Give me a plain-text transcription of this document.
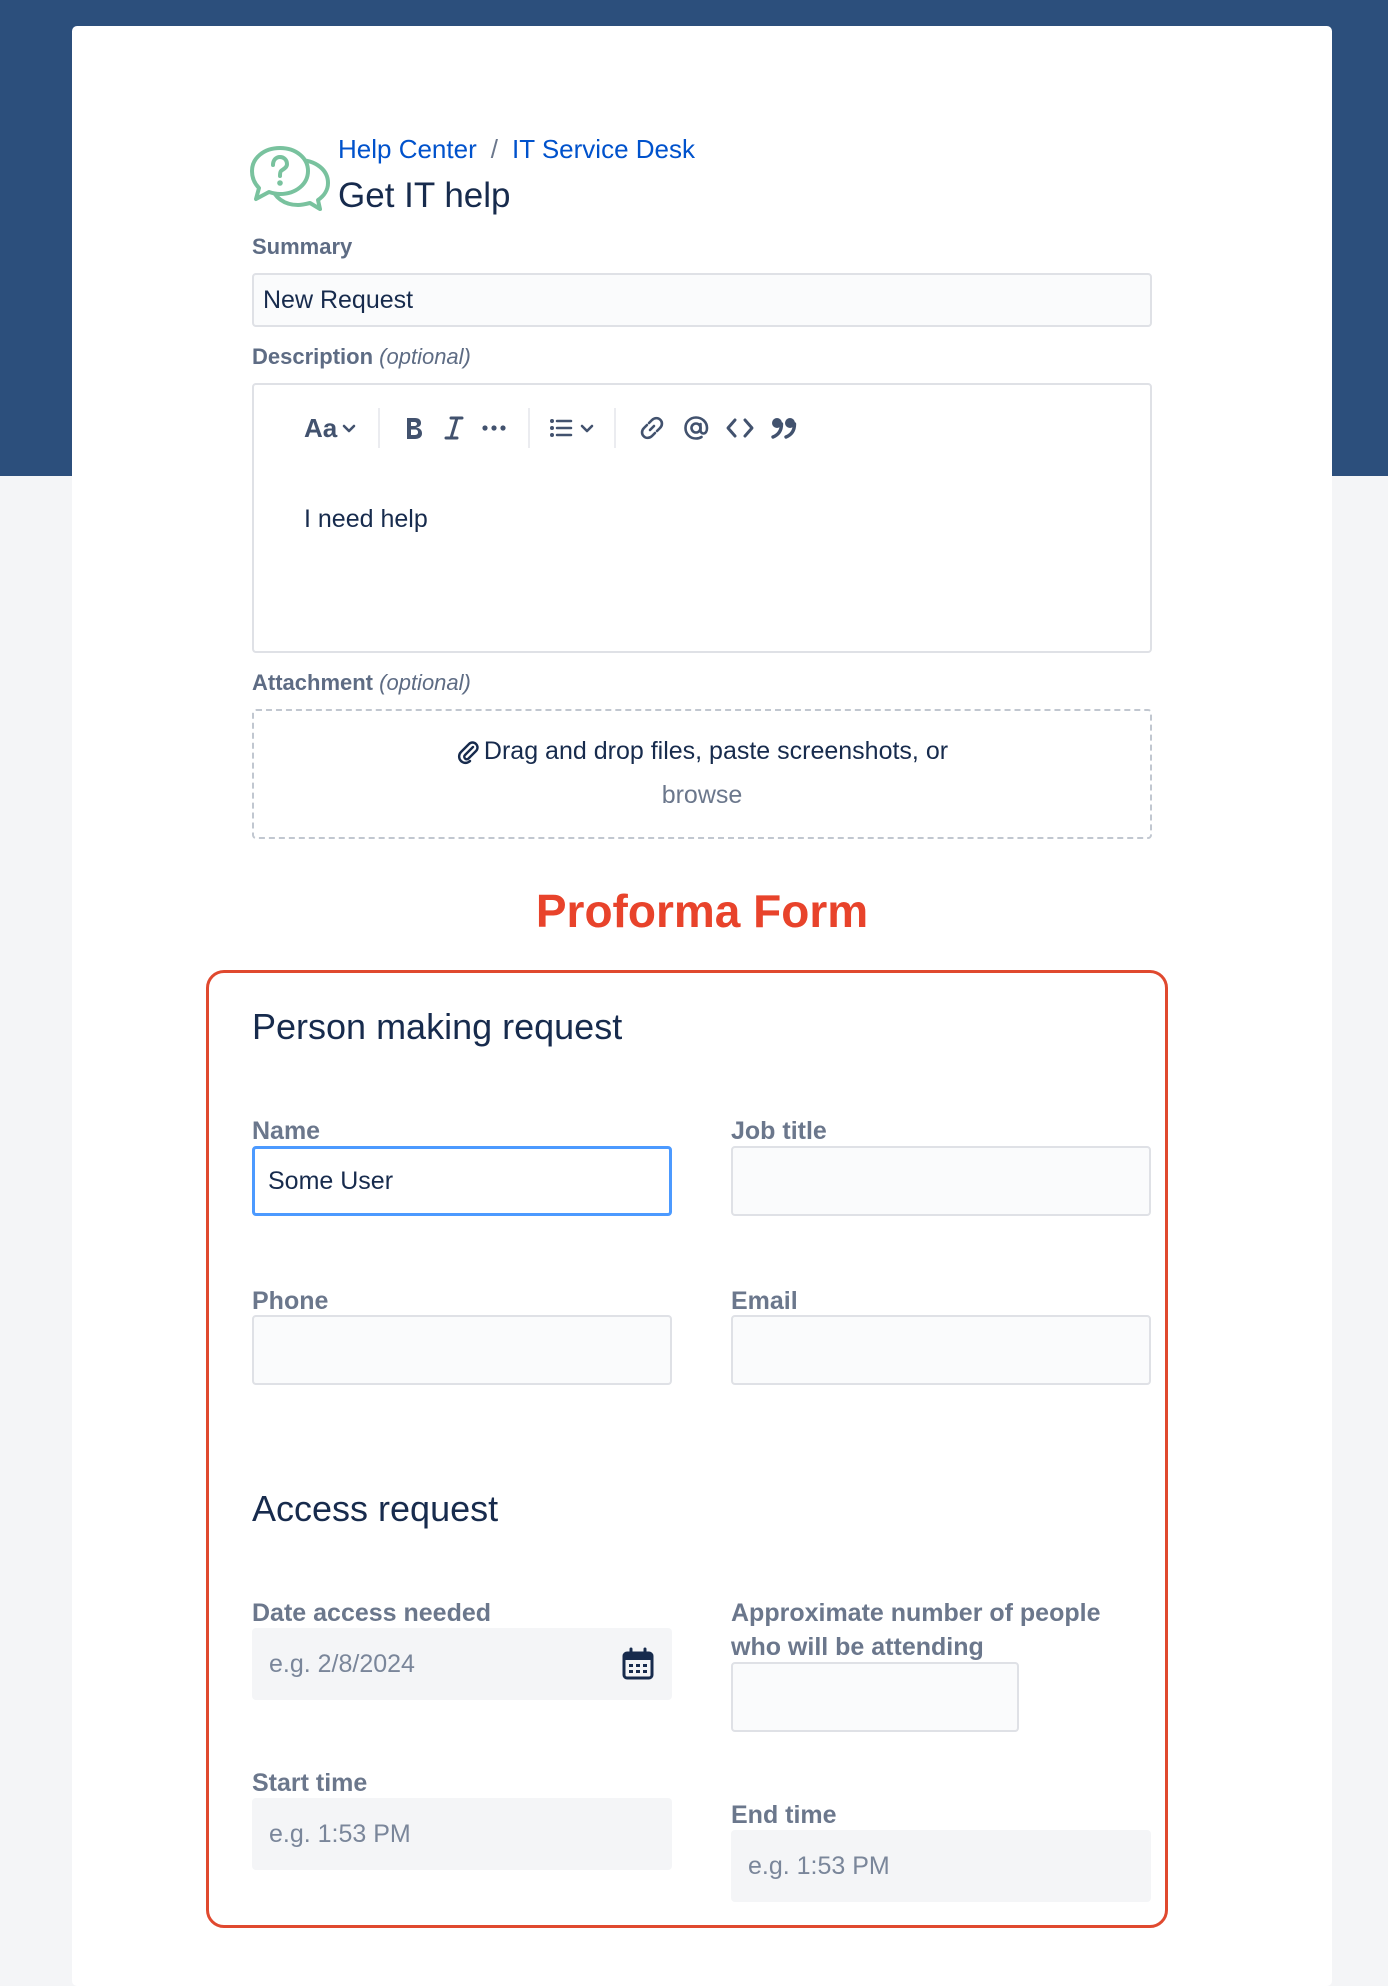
Help Center / IT Service Desk
Get IT help
Summary
New Request
Description (optional)
Aa
I need help
Attachment (optional)
Drag and drop files, paste screenshots, or
browse
Proforma Form
Person making request
Name
Some User
Job title
Phone	Email
Access request
Date access needed
e.g. 2/8/2024
Approximate number of people
who will be attending
Start time
e.g. 1:53 PM
End time
e.g. 1:53 PM
